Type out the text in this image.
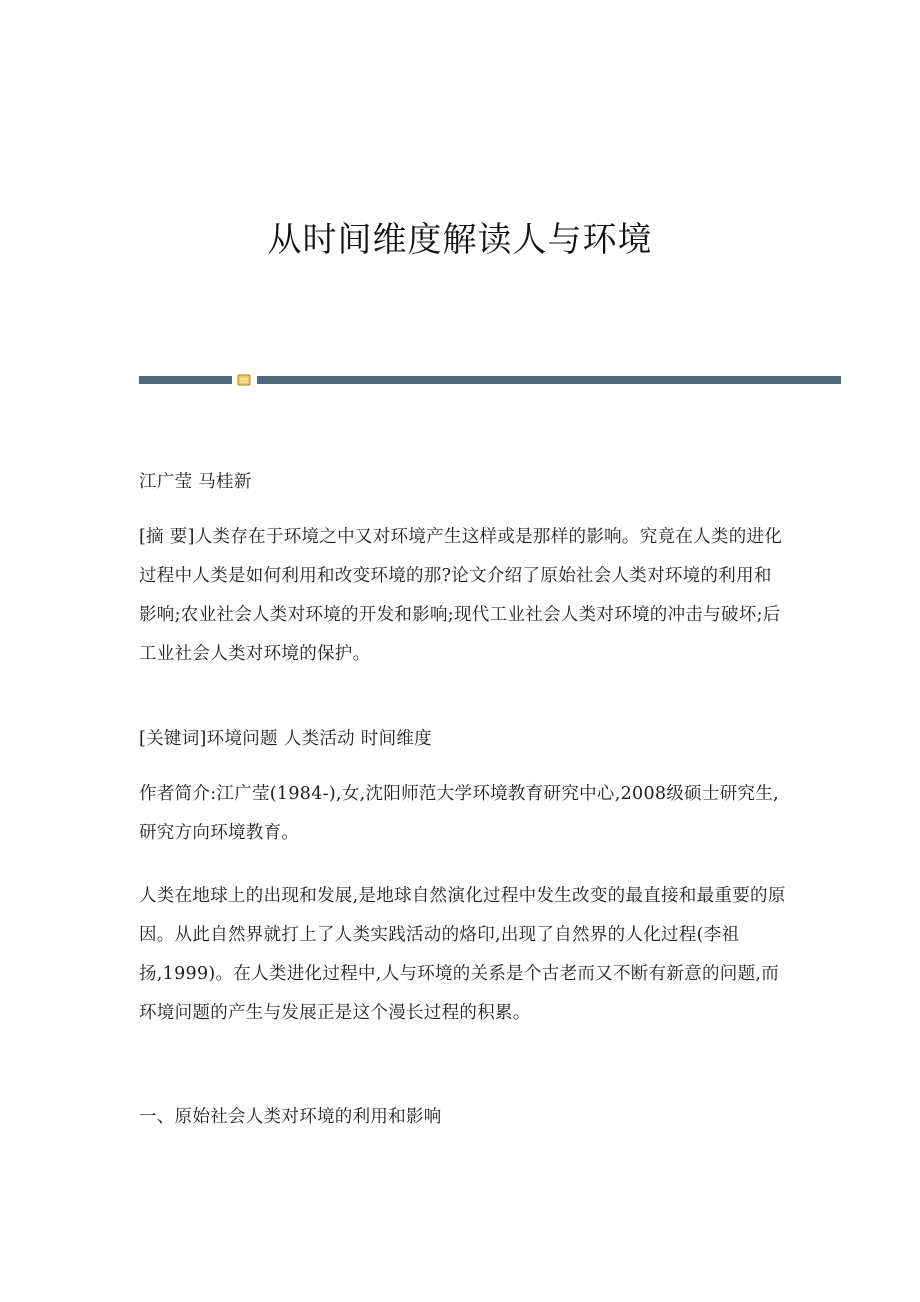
从时间维度解读人与环境

江广莹 马桂新

[摘 要]人类存在于环境之中又对环境产生这样或是那样的影响。究竟在人类的进化过程中人类是如何利用和改变环境的那?论文介绍了原始社会人类对环境的利用和影响;农业社会人类对环境的开发和影响;现代工业社会人类对环境的冲击与破坏;后工业社会人类对环境的保护。

[关键词]环境问题 人类活动 时间维度

作者简介:江广莹(1984-),女,沈阳师范大学环境教育研究中心,2008级硕士研究生,研究方向环境教育。

人类在地球上的出现和发展,是地球自然演化过程中发生改变的最直接和最重要的原因。从此自然界就打上了人类实践活动的烙印,出现了自然界的人化过程(李祖扬,1999)。在人类进化过程中,人与环境的关系是个古老而又不断有新意的问题,而环境问题的产生与发展正是这个漫长过程的积累。

一、原始社会人类对环境的利用和影响
